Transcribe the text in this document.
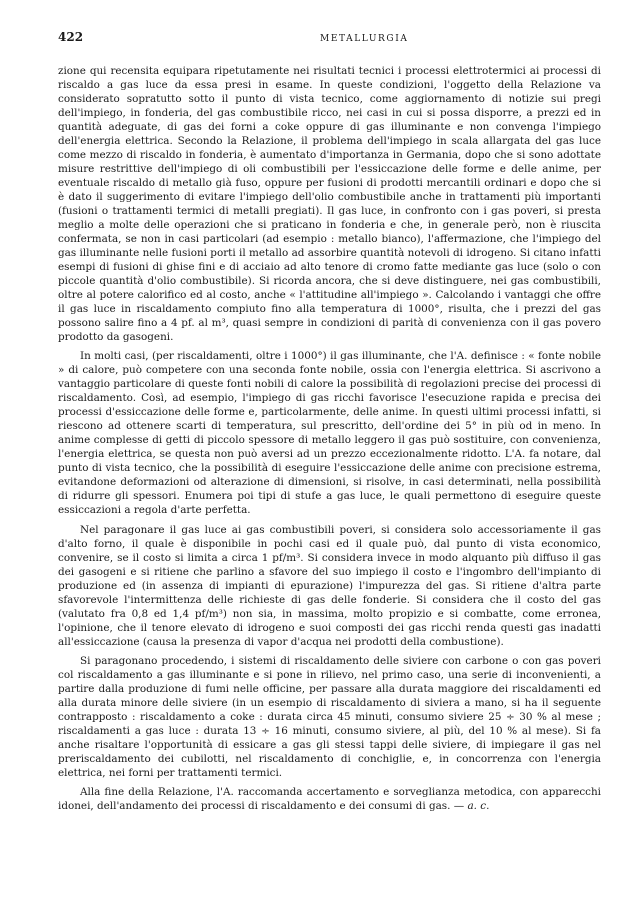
422	METALLURGIA

zione qui recensita equipara ripetutamente nei risultati tecnici i processi elettrotermici ai processi di riscaldo a gas luce da essa presi in esame. In queste condizioni, l'oggetto della Relazione va considerato sopratutto sotto il punto di vista tecnico, come aggiornamento di notizie sui pregi dell'impiego, in fonderia, del gas combustibile ricco, nei casi in cui si possa disporre, a prezzi ed in quantità adeguate, di gas dei forni a coke oppure di gas illuminante e non convenga l'impiego dell'energia elettrica. Secondo la Relazione, il problema dell'impiego in scala allargata del gas luce come mezzo di riscaldo in fonderia, è aumentato d'importanza in Germania, dopo che si sono adottate misure restrittive dell'impiego di oli combustibili per l'essiccazione delle forme e delle anime, per eventuale riscaldo di metallo già fuso, oppure per fusioni di prodotti mercantili ordinari e dopo che si è dato il suggerimento di evitare l'impiego dell'olio combustibile anche in trattamenti più importanti (fusioni o trattamenti termici di metalli pregiati). Il gas luce, in confronto con i gas poveri, si presta meglio a molte delle operazioni che si praticano in fonderia e che, in generale però, non è riuscita confermata, se non in casi particolari (ad esempio : metallo bianco), l'affermazione, che l'impiego del gas illuminante nelle fusioni porti il metallo ad assorbire quantità notevoli di idrogeno. Si citano infatti esempi di fusioni di ghise fini e di acciaio ad alto tenore di cromo fatte mediante gas luce (solo o con piccole quantità d'olio combustibile). Si ricorda ancora, che si deve distinguere, nei gas combustibili, oltre al potere calorifico ed al costo, anche « l'attitudine all'impiego ». Calcolando i vantaggi che offre il gas luce in riscaldamento compiuto fino alla temperatura di 1000°, risulta, che i prezzi del gas possono salire fino a 4 pf. al m³, quasi sempre in condizioni di parità di convenienza con il gas povero prodotto da gasogeni.

In molti casi, (per riscaldamenti, oltre i 1000°) il gas illuminante, che l'A. definisce : « fonte nobile » di calore, può competere con una seconda fonte nobile, ossia con l'energia elettrica. Si ascrivono a vantaggio particolare di queste fonti nobili di calore la possibilità di regolazioni precise dei processi di riscaldamento. Così, ad esempio, l'impiego di gas ricchi favorisce l'esecuzione rapida e precisa dei processi d'essiccazione delle forme e, particolarmente, delle anime. In questi ultimi processi infatti, si riescono ad ottenere scarti di temperatura, sul prescritto, dell'ordine dei 5° in più od in meno. In anime complesse di getti di piccolo spessore di metallo leggero il gas può sostituire, con convenienza, l'energia elettrica, se questa non può aversi ad un prezzo eccezionalmente ridotto. L'A. fa notare, dal punto di vista tecnico, che la possibilità di eseguire l'essiccazione delle anime con precisione estrema, evitandone deformazioni od alterazione di dimensioni, si risolve, in casi determinati, nella possibilità di ridurre gli spessori. Enumera poi tipi di stufe a gas luce, le quali permettono di eseguire queste essiccazioni a regola d'arte perfetta.

Nel paragonare il gas luce ai gas combustibili poveri, si considera solo accessoriamente il gas d'alto forno, il quale è disponibile in pochi casi ed il quale può, dal punto di vista economico, convenire, se il costo si limita a circa 1 pf/m³. Si considera invece in modo alquanto più diffuso il gas dei gasogeni e si ritiene che parlino a sfavore del suo impiego il costo e l'ingombro dell'impianto di produzione ed (in assenza di impianti di epurazione) l'impurezza del gas. Si ritiene d'altra parte sfavorevole l'intermittenza delle richieste di gas delle fonderie. Si considera che il costo del gas (valutato fra 0,8 ed 1,4 pf/m³) non sia, in massima, molto propizio e si combatte, come erronea, l'opinione, che il tenore elevato di idrogeno e suoi composti dei gas ricchi renda questi gas inadatti all'essiccazione (causa la presenza di vapor d'acqua nei prodotti della combustione).

Si paragonano procedendo, i sistemi di riscaldamento delle siviere con carbone o con gas poveri col riscaldamento a gas illuminante e si pone in rilievo, nel primo caso, una serie di inconvenienti, a partire dalla produzione di fumi nelle officine, per passare alla durata maggiore dei riscaldamenti ed alla durata minore delle siviere (in un esempio di riscaldamento di siviera a mano, si ha il seguente contrapposto : riscaldamento a coke : durata circa 45 minuti, consumo siviere 25 ÷ 30 % al mese ; riscaldamenti a gas luce : durata 13 ÷ 16 minuti, consumo siviere, al più, del 10 % al mese). Si fa anche risaltare l'opportunità di essicare a gas gli stessi tappi delle siviere, di impiegare il gas nel preriscaldamento dei cubilotti, nel riscaldamento di conchiglie, e, in concorrenza con l'energia elettrica, nei forni per trattamenti termici.

Alla fine della Relazione, l'A. raccomanda accertamento e sorveglianza metodica, con apparecchi idonei, dell'andamento dei processi di riscaldamento e dei consumi di gas. — a. c.
